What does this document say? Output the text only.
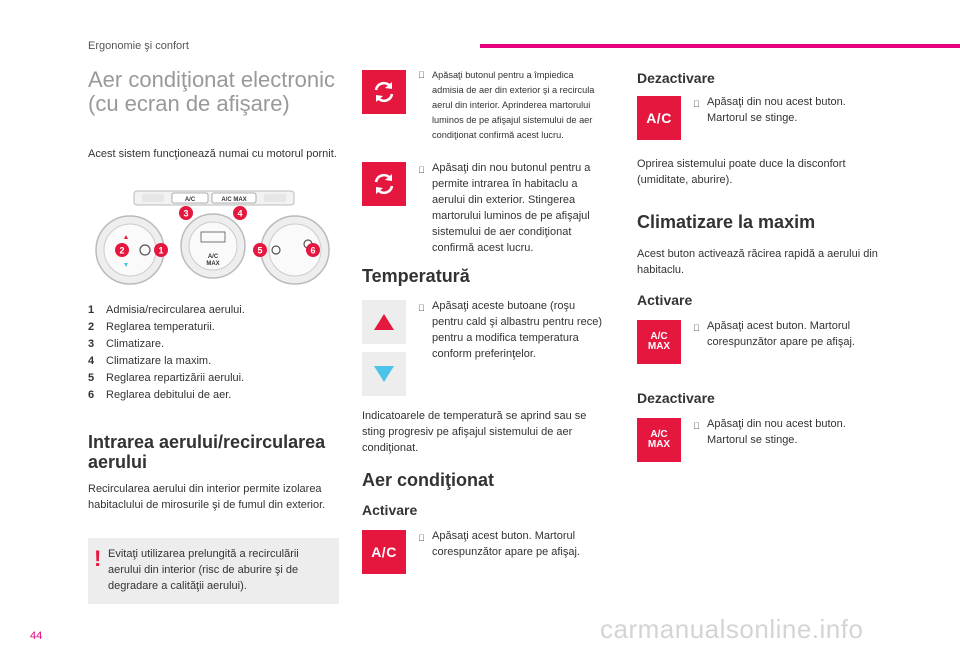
Ergonomie şi confort
Aer condiţionat electronic
(cu ecran de afişare)
Acest sistem funcţionează numai cu motorul pornit.
A/C	A/C MAX
A/C
MAX
3	4
2	1	5	6
1	Admisia/recircularea aerului.
2	Reglarea temperaturii.
3	Climatizare.
4	Climatizare la maxim.
5	Reglarea repartizării aerului.
6	Reglarea debitului de aer.
Intrarea aerului/recircularea aerului
Recircularea aerului din interior permite izolarea habitaclului de mirosurile şi de fumul din exterior.
! Evitaţi utilizarea prelungită a recirculării aerului din interior (risc de aburire şi de degradare a calităţii aerului).
Apăsaţi butonul pentru a împiedica admisia de aer din exterior şi a recircula aerul din interior. Aprinderea martorului luminos de pe afişajul sistemului de aer condiţionat confirmă acest lucru.
Apăsaţi din nou butonul pentru a permite intrarea în habitaclu a aerului din exterior. Stingerea martorului luminos de pe afişajul sistemului de aer condiţionat confirmă acest lucru.
Temperatură
Apăsaţi aceste butoane (roşu pentru cald şi albastru pentru rece) pentru a modifica temperatura conform preferinţelor.
Indicatoarele de temperatură se aprind sau se sting progresiv pe afişajul sistemului de aer condiţionat.
Aer condiţionat
Activare
A/C
Apăsaţi acest buton. Martorul corespunzător apare pe afişaj.
Dezactivare
A/C
Apăsaţi din nou acest buton. Martorul se stinge.
Oprirea sistemului poate duce la disconfort (umiditate, aburire).
Climatizare la maxim
Acest buton activează răcirea rapidă a aerului din habitaclu.
Activare
A/C
MAX
Apăsaţi acest buton. Martorul corespunzător apare pe afişaj.
Dezactivare
A/C
MAX
Apăsaţi din nou acest buton. Martorul se stinge.
44	carmanualsonline.info
